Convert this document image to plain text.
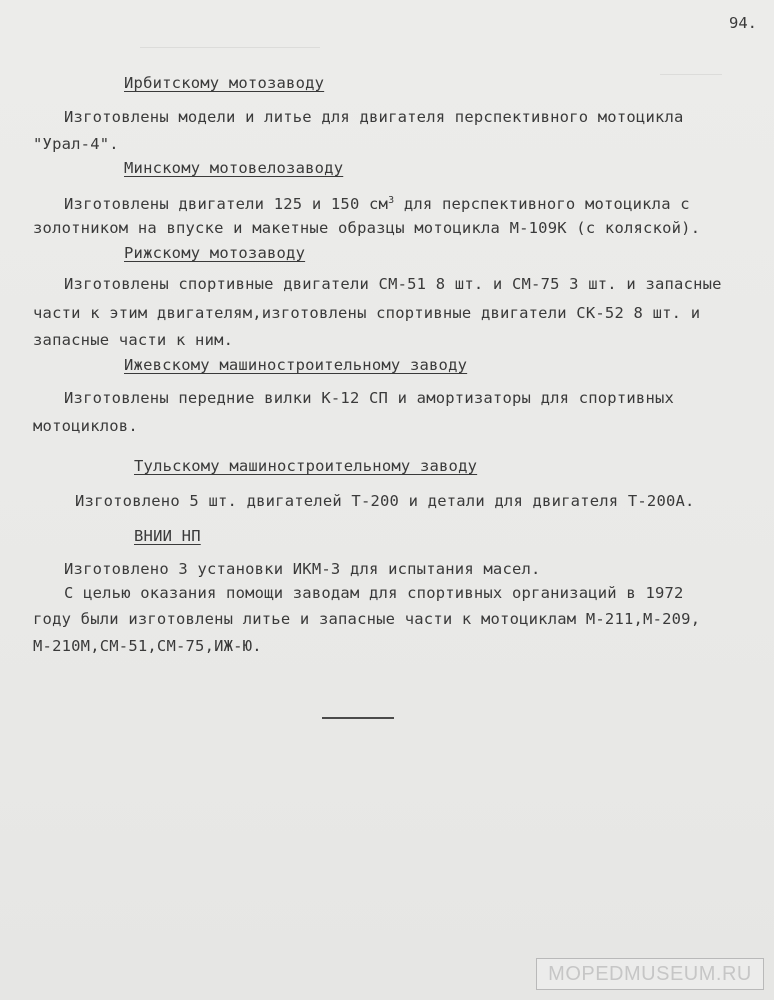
94.
Ирбитскому мотозаводу
Изготовлены модели и литье для двигателя перспективного мотоцикла
"Урал-4".
Минскому мотовелозаводу
Изготовлены двигатели 125 и 150 $см^3$ для перспективного мотоцикла с
золотником на впуске и макетные образцы мотоцикла М-109К (с коляской).
Рижскому мотозаводу
Изготовлены спортивные двигатели СМ-51 8 шт. и СМ-75 3 шт. и запасные
части к этим двигателям,изготовлены спортивные двигатели СК-52 8 шт. и
запасные части к ним.
Ижевскому машиностроительному заводу
Изготовлены передние вилки К-12 СП и амортизаторы для спортивных
мотоциклов.
Тульскому машиностроительному заводу
Изготовлено 5 шт. двигателей Т-200 и детали для двигателя Т-200А.
ВНИИ НП
Изготовлено 3 установки ИКМ-3 для испытания масел.
С целью оказания помощи заводам для спортивных организаций в 1972
году были изготовлены литье и запасные части к мотоциклам М-211,М-209,
М-210М,СМ-51,СМ-75,ИЖ-Ю.
MOPEDMUSEUM.RU
